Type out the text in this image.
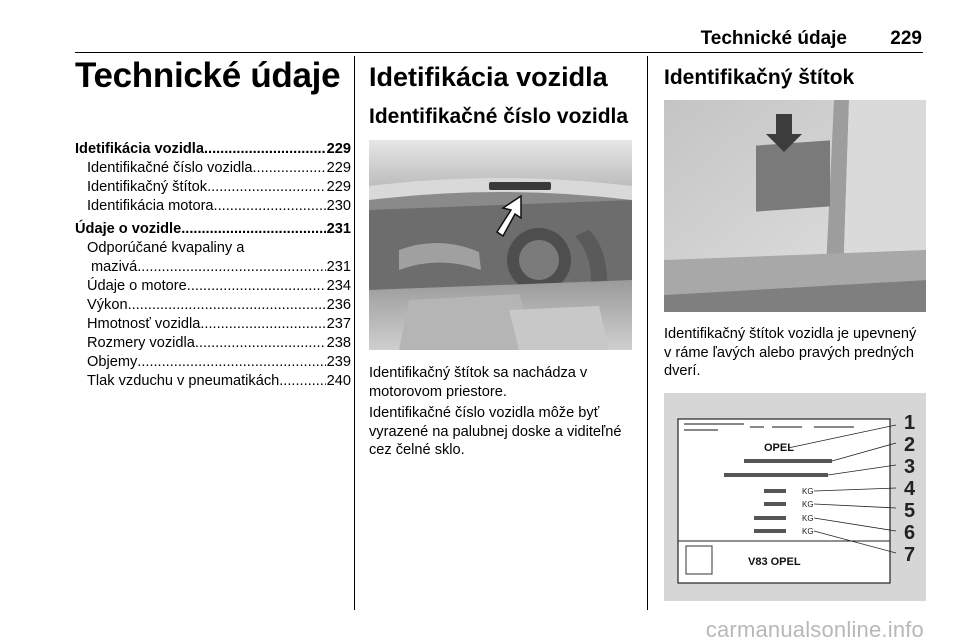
Technické údaje 229
Technické údaje
Idetifikácia vozidla .....	229
Identifikačné číslo vozidla .....	229
Identifikačný štítok .....	229
Identifikácia motora .....	230
Údaje o vozidle .....	231
Odporúčané kvapaliny a
mazivá .....	231
Údaje o motore .....	234
Výkon .....	236
Hmotnosť vozidla .....	237
Rozmery vozidla .....	238
Objemy .....	239
Tlak vzduchu v pneumatikách .....	240
Idetifikácia vozidla
Identifikačné číslo vozidla
Identifikačný štítok sa nachádza v motorovom priestore.
Identifikačné číslo vozidla môže byť vyrazené na palubnej doske a viditeľné cez čelné sklo.
Identifikačný štítok
Identifikačný štítok vozidla je upevnený v ráme ľavých alebo pravých predných dverí.
OPEL
KG
KG
KG
KG
V83 OPEL
1
2
3
4
5
6
7
carmanualsonline.info
